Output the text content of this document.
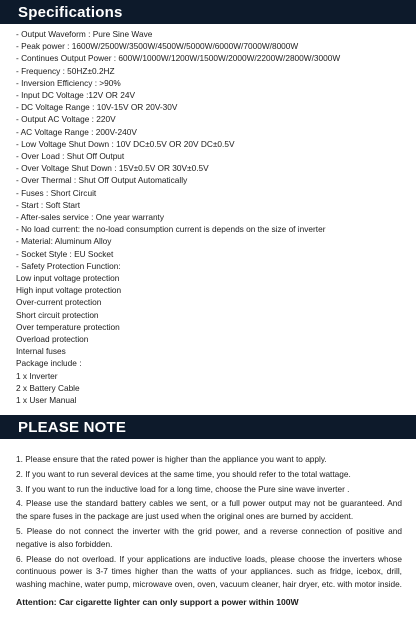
Specifications
- Output Waveform : Pure Sine Wave
- Peak power : 1600W/2500W/3500W/4500W/5000W/6000W/7000W/8000W
- Continues Output Power : 600W/1000W/1200W/1500W/2000W/2200W/2800W/3000W
- Frequency : 50HZ±0.2HZ
- Inversion Efficiency : >90%
- Input DC Voltage :12V OR 24V
- DC Voltage Range : 10V-15V OR 20V-30V
- Output AC Voltage : 220V
- AC Voltage Range : 200V-240V
- Low Voltage Shut Down : 10V DC±0.5V OR 20V DC±0.5V
- Over Load : Shut Off Output
- Over Voltage Shut Down : 15V±0.5V OR 30V±0.5V
- Over Thermal : Shut Off Output Automatically
- Fuses : Short Circuit
- Start : Soft Start
- After-sales service : One year warranty
- No load current: the no-load consumption current is depends on the size of inverter
- Material: Aluminum Alloy
- Socket Style : EU Socket
- Safety Protection Function:
Low input voltage protection
High input voltage protection
Over-current protection
Short circuit protection
Over temperature protection
Overload protection
Internal fuses
Package include :
1 x Inverter
2 x Battery Cable
1 x User Manual
PLEASE NOTE
1. Please ensure that the rated power is higher than the appliance you want to apply.
2. If you want to run several devices at the same time, you should refer to the total wattage.
3. If you want to run the inductive load for a long time, choose the Pure sine wave inverter .
4. Please use the standard battery cables we sent, or a full power output may not be guaranteed. And the spare fuses in the package are just used when the original ones are burned by accident.
5. Please do not connect the inverter with the grid power, and a reverse connection of positive and negative is also forbidden.
6. Please do not overload. If your applications are inductive loads, please choose the inverters whose continuous power is 3-7 times higher than the watts of your appliances. such as fridge, icebox, drill, washing machine, water pump, microwave oven, oven, vacuum cleaner, hair dryer, etc. with motor inside.
Attention: Car cigarette lighter can only support a power within 100W
